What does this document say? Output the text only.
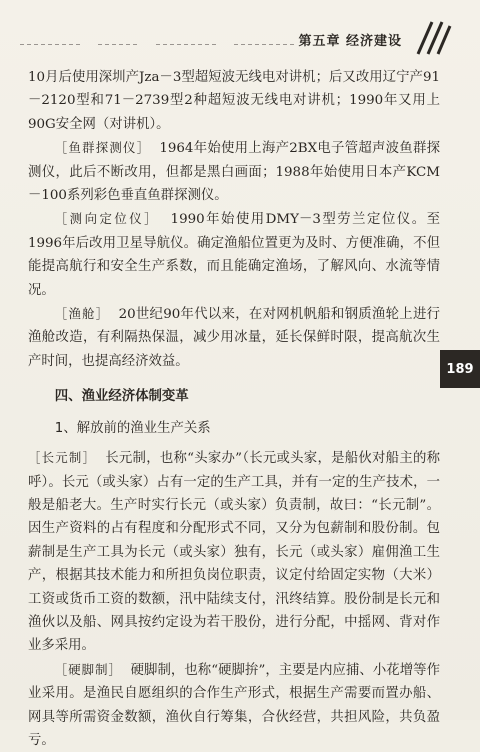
第五章 经济建设
189

10月后使用深圳产Jza－3型超短波无线电对讲机；后又改用辽宁产91－2120型和71－2739型2种超短波无线电对讲机；1990年又用上90G安全网（对讲机）。

［鱼群探测仪］ 1964年始使用上海产2BX电子管超声波鱼群探测仪，此后不断改用，但都是黑白画面；1988年始使用日本产KCM－100系列彩色垂直鱼群探测仪。

［测向定位仪］ 1990年始使用DMY－3型劳兰定位仪。至1996年后改用卫星导航仪。确定渔船位置更为及时、方便准确，不但能提高航行和安全生产系数，而且能确定渔场，了解风向、水流等情况。

［渔舱］ 20世纪90年代以来，在对网机帆船和钢质渔轮上进行渔舱改造，有利隔热保温，减少用冰量，延长保鲜时限，提高航次生产时间，也提高经济效益。

四、渔业经济体制变革
1、解放前的渔业生产关系

［长元制］ 长元制，也称“头家办”（长元或头家，是船伙对船主的称呼）。长元（或头家）占有一定的生产工具，并有一定的生产技术，一般是船老大。生产时实行长元（或头家）负责制，故曰：“长元制”。因生产资料的占有程度和分配形式不同，又分为包薪制和股份制。包薪制是生产工具为长元（或头家）独有，长元（或头家）雇佣渔工生产，根据其技术能力和所担负岗位职责，议定付给固定实物（大米）工资或货币工资的数额，汛中陆续支付，汛终结算。股份制是长元和渔伙以及船、网具按约定设为若干股份，进行分配，中摇网、背对作业多采用。

［硬脚制］ 硬脚制，也称“硬脚拚”，主要是内应捕、小花增等作业采用。是渔民自愿组织的合作生产形式，根据生产需要而置办船、网具等所需资金数额，渔伙自行筹集，合伙经营，共担风险，共负盈亏。
